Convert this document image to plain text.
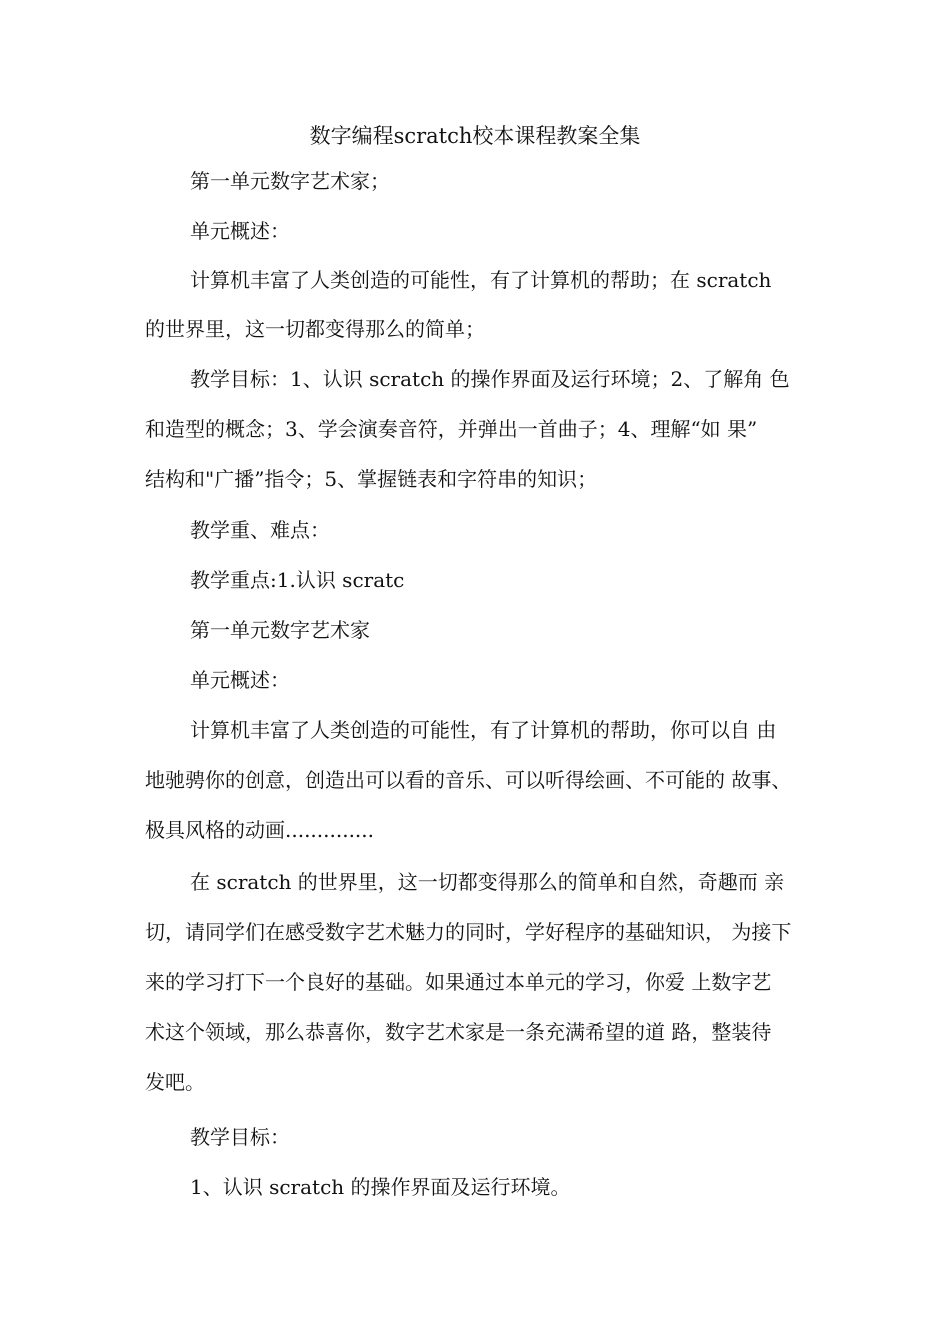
数字编程scratch校本课程教案全集
第一单元数字艺术家；
单元概述：
计算机丰富了人类创造的可能性，有了计算机的帮助；在 scratch
的世界里，这一切都变得那么的简单；
教学目标：1、认识 scratch 的操作界面及运行环境；2、了解角 色
和造型的概念；3、学会演奏音符，并弹出一首曲子；4、理解“如 果”
结构和"广播”指令；5、掌握链表和字符串的知识；
教学重、难点：
教学重点:1.认识 scratc
第一单元数字艺术家
单元概述：
计算机丰富了人类创造的可能性，有了计算机的帮助，你可以自 由
地驰骋你的创意，创造出可以看的音乐、可以听得绘画、不可能的 故事、
极具风格的动画..............
在 scratch 的世界里，这一切都变得那么的简单和自然，奇趣而 亲
切，请同学们在感受数字艺术魅力的同时，学好程序的基础知识， 为接下
来的学习打下一个良好的基础。如果通过本单元的学习，你爱 上数字艺
术这个领域，那么恭喜你，数字艺术家是一条充满希望的道 路，整装待
发吧。
教学目标：
1、认识 scratch 的操作界面及运行环境。
